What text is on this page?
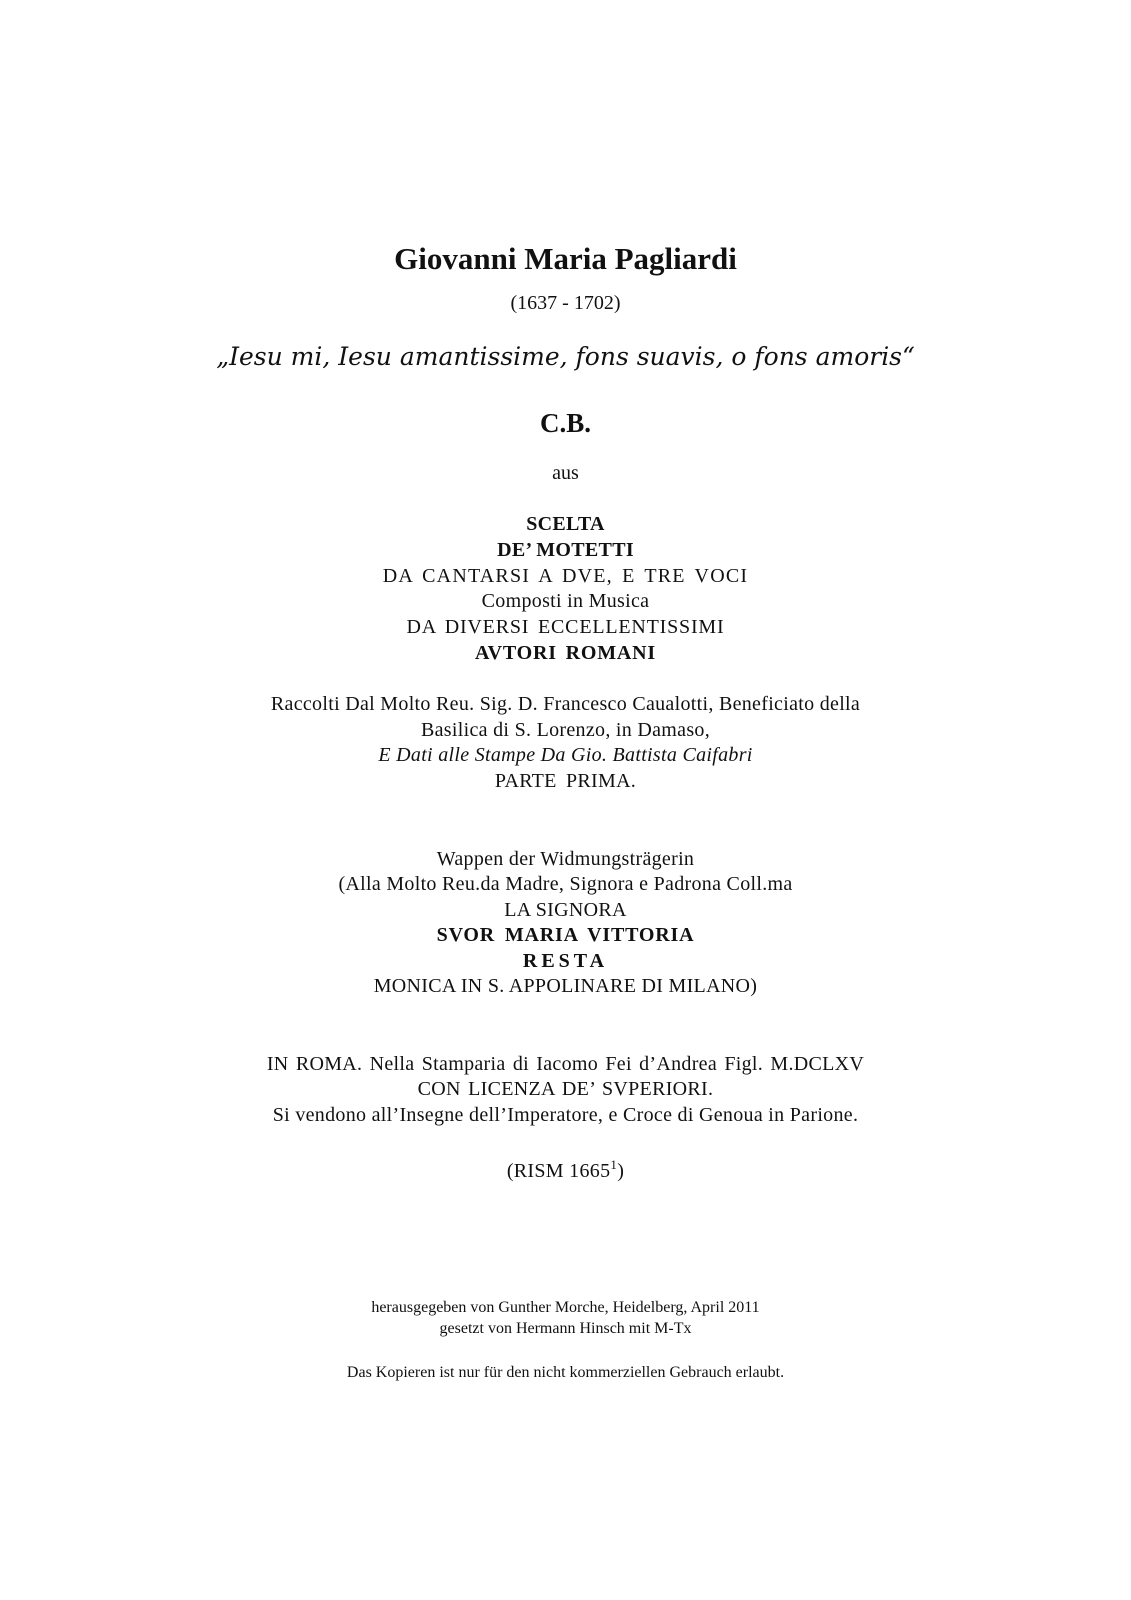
Giovanni Maria Pagliardi
(1637 - 1702)
„Iesu mi, Iesu amantissime, fons suavis, o fons amoris“
C.B.
aus
SCELTA
DE’ MOTETTI
DA CANTARSI A DVE, E TRE VOCI
Composti in Musica
DA DIVERSI ECCELLENTISSIMI
AVTORI ROMANI
Raccolti Dal Molto Reu. Sig. D. Francesco Caualotti, Beneficiato della
Basilica di S. Lorenzo, in Damaso,
E Dati alle Stampe Da Gio. Battista Caifabri
PARTE PRIMA.
Wappen der Widmungsträgerin
(Alla Molto Reu.da Madre, Signora e Padrona Coll.ma
LA SIGNORA
SVOR MARIA VITTORIA
RESTA
MONICA IN S. APPOLINARE DI MILANO)
IN ROMA. Nella Stamparia di Iacomo Fei d’Andrea Figl. M.DCLXV
CON LICENZA DE’ SVPERIORI.
Si vendono all’Insegne dell’Imperatore, e Croce di Genoua in Parione.
(RISM 1665$^1$)
herausgegeben von Gunther Morche, Heidelberg, April 2011
gesetzt von Hermann Hinsch mit M-Tx
Das Kopieren ist nur für den nicht kommerziellen Gebrauch erlaubt.
